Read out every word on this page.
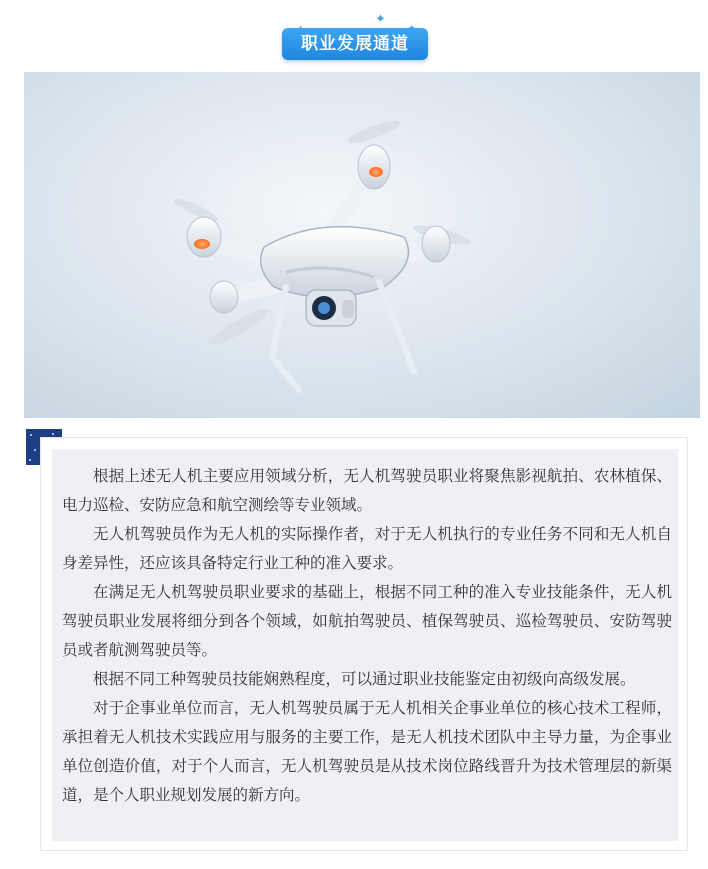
✦
职业发展通道

根据上述无人机主要应用领域分析，无人机驾驶员职业将聚焦影视航拍、农林植保、电力巡检、安防应急和航空测绘等专业领域。

无人机驾驶员作为无人机的实际操作者，对于无人机执行的专业任务不同和无人机自身差异性，还应该具备特定行业工种的准入要求。

在满足无人机驾驶员职业要求的基础上，根据不同工种的准入专业技能条件，无人机驾驶员职业发展将细分到各个领域，如航拍驾驶员、植保驾驶员、巡检驾驶员、安防驾驶员或者航测驾驶员等。

根据不同工种驾驶员技能娴熟程度，可以通过职业技能鉴定由初级向高级发展。

对于企事业单位而言，无人机驾驶员属于无人机相关企事业单位的核心技术工程师，承担着无人机技术实践应用与服务的主要工作，是无人机技术团队中主导力量，为企事业单位创造价值，对于个人而言，无人机驾驶员是从技术岗位路线晋升为技术管理层的新渠道，是个人职业规划发展的新方向。
